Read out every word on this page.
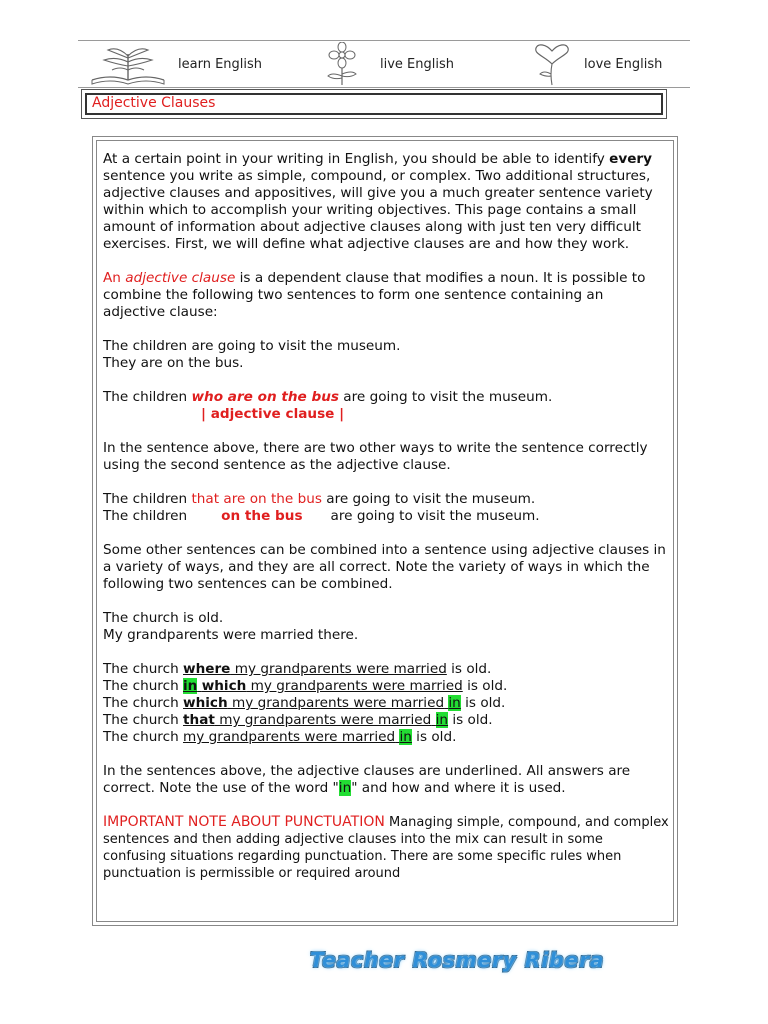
learn English	live English	love English
Adjective Clauses

At a certain point in your writing in English, you should be able to identify every sentence you write as simple, compound, or complex. Two additional structures, adjective clauses and appositives, will give you a much greater sentence variety within which to accomplish your writing objectives. This page contains a small amount of information about adjective clauses along with just ten very difficult exercises. First, we will define what adjective clauses are and how they work.

An adjective clause is a dependent clause that modifies a noun. It is possible to combine the following two sentences to form one sentence containing an adjective clause:

The children are going to visit the museum.
They are on the bus.

The children who are on the bus are going to visit the museum.
| adjective clause |

In the sentence above, there are two other ways to write the sentence correctly using the second sentence as the adjective clause.

The children that are on the bus are going to visit the museum.
The children	on the bus are going to visit the museum.

Some other sentences can be combined into a sentence using adjective clauses in a variety of ways, and they are all correct. Note the variety of ways in which the following two sentences can be combined.

The church is old.
My grandparents were married there.

The church where my grandparents were married is old.
The church in which my grandparents were married is old.
The church which my grandparents were married in is old.
The church that my grandparents were married in is old.
The church my grandparents were married in is old.

In the sentences above, the adjective clauses are underlined. All answers are correct. Note the use of the word "in" and how and where it is used.

IMPORTANT NOTE ABOUT PUNCTUATION Managing simple, compound, and complex sentences and then adding adjective clauses into the mix can result in some confusing situations regarding punctuation. There are some specific rules when punctuation is permissible or required around

Teacher Rosmery Ribera
